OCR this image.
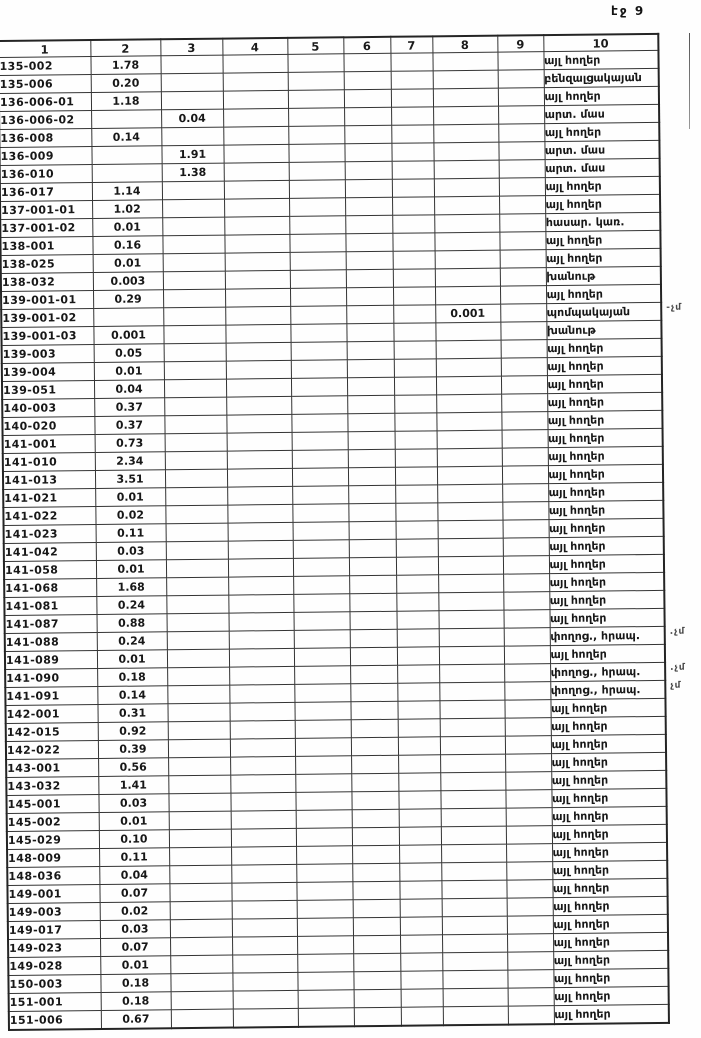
էջ 9
1	2	3	4	5	6	7	8	9	10
135-002	1.78								այլ հողեր
135-006	0.20								բենզալցակայան
136-006-01	1.18								այլ հողեր
136-006-02		0.04							արտ. մաս
136-008	0.14								այլ հողեր
136-009		1.91							արտ. մաս
136-010		1.38							արտ. մաս
136-017	1.14								այլ հողեր
137-001-01	1.02								այլ հողեր
137-001-02	0.01								հասար. կառ.
138-001	0.16								այլ հողեր
138-025	0.01								այլ հողեր
138-032	0.003								խանութ
139-001-01	0.29								այլ հողեր
139-001-02							0.001		պոմպակայան
139-001-03	0.001								խանութ
139-003	0.05								այլ հողեր
139-004	0.01								այլ հողեր
139-051	0.04								այլ հողեր
140-003	0.37								այլ հողեր
140-020	0.37								այլ հողեր
141-001	0.73								այլ հողեր
141-010	2.34								այլ հողեր
141-013	3.51								այլ հողեր
141-021	0.01								այլ հողեր
141-022	0.02								այլ հողեր
141-023	0.11								այլ հողեր
141-042	0.03								այլ հողեր
141-058	0.01								այլ հողեր
141-068	1.68								այլ հողեր
141-081	0.24								այլ հողեր
141-087	0.88								այլ հողեր
141-088	0.24								փողոց., հրապ.
141-089	0.01								այլ հողեր
141-090	0.18								փողոց., հրապ.
141-091	0.14								փողոց., հրապ.
142-001	0.31								այլ հողեր
142-015	0.92								այլ հողեր
142-022	0.39								այլ հողեր
143-001	0.56								այլ հողեր
143-032	1.41								այլ հողեր
145-001	0.03								այլ հողեր
145-002	0.01								այլ հողեր
145-029	0.10								այլ հողեր
148-009	0.11								այլ հողեր
148-036	0.04								այլ հողեր
149-001	0.07								այլ հողեր
149-003	0.02								այլ հողեր
149-017	0.03								այլ հողեր
149-023	0.07								այլ հողեր
149-028	0.01								այլ հողեր
150-003	0.18								այլ հողեր
151-001	0.18								այլ հողեր
151-006	0.67								այլ հողեր
-չմ
.չմ
.չմ
չմ
